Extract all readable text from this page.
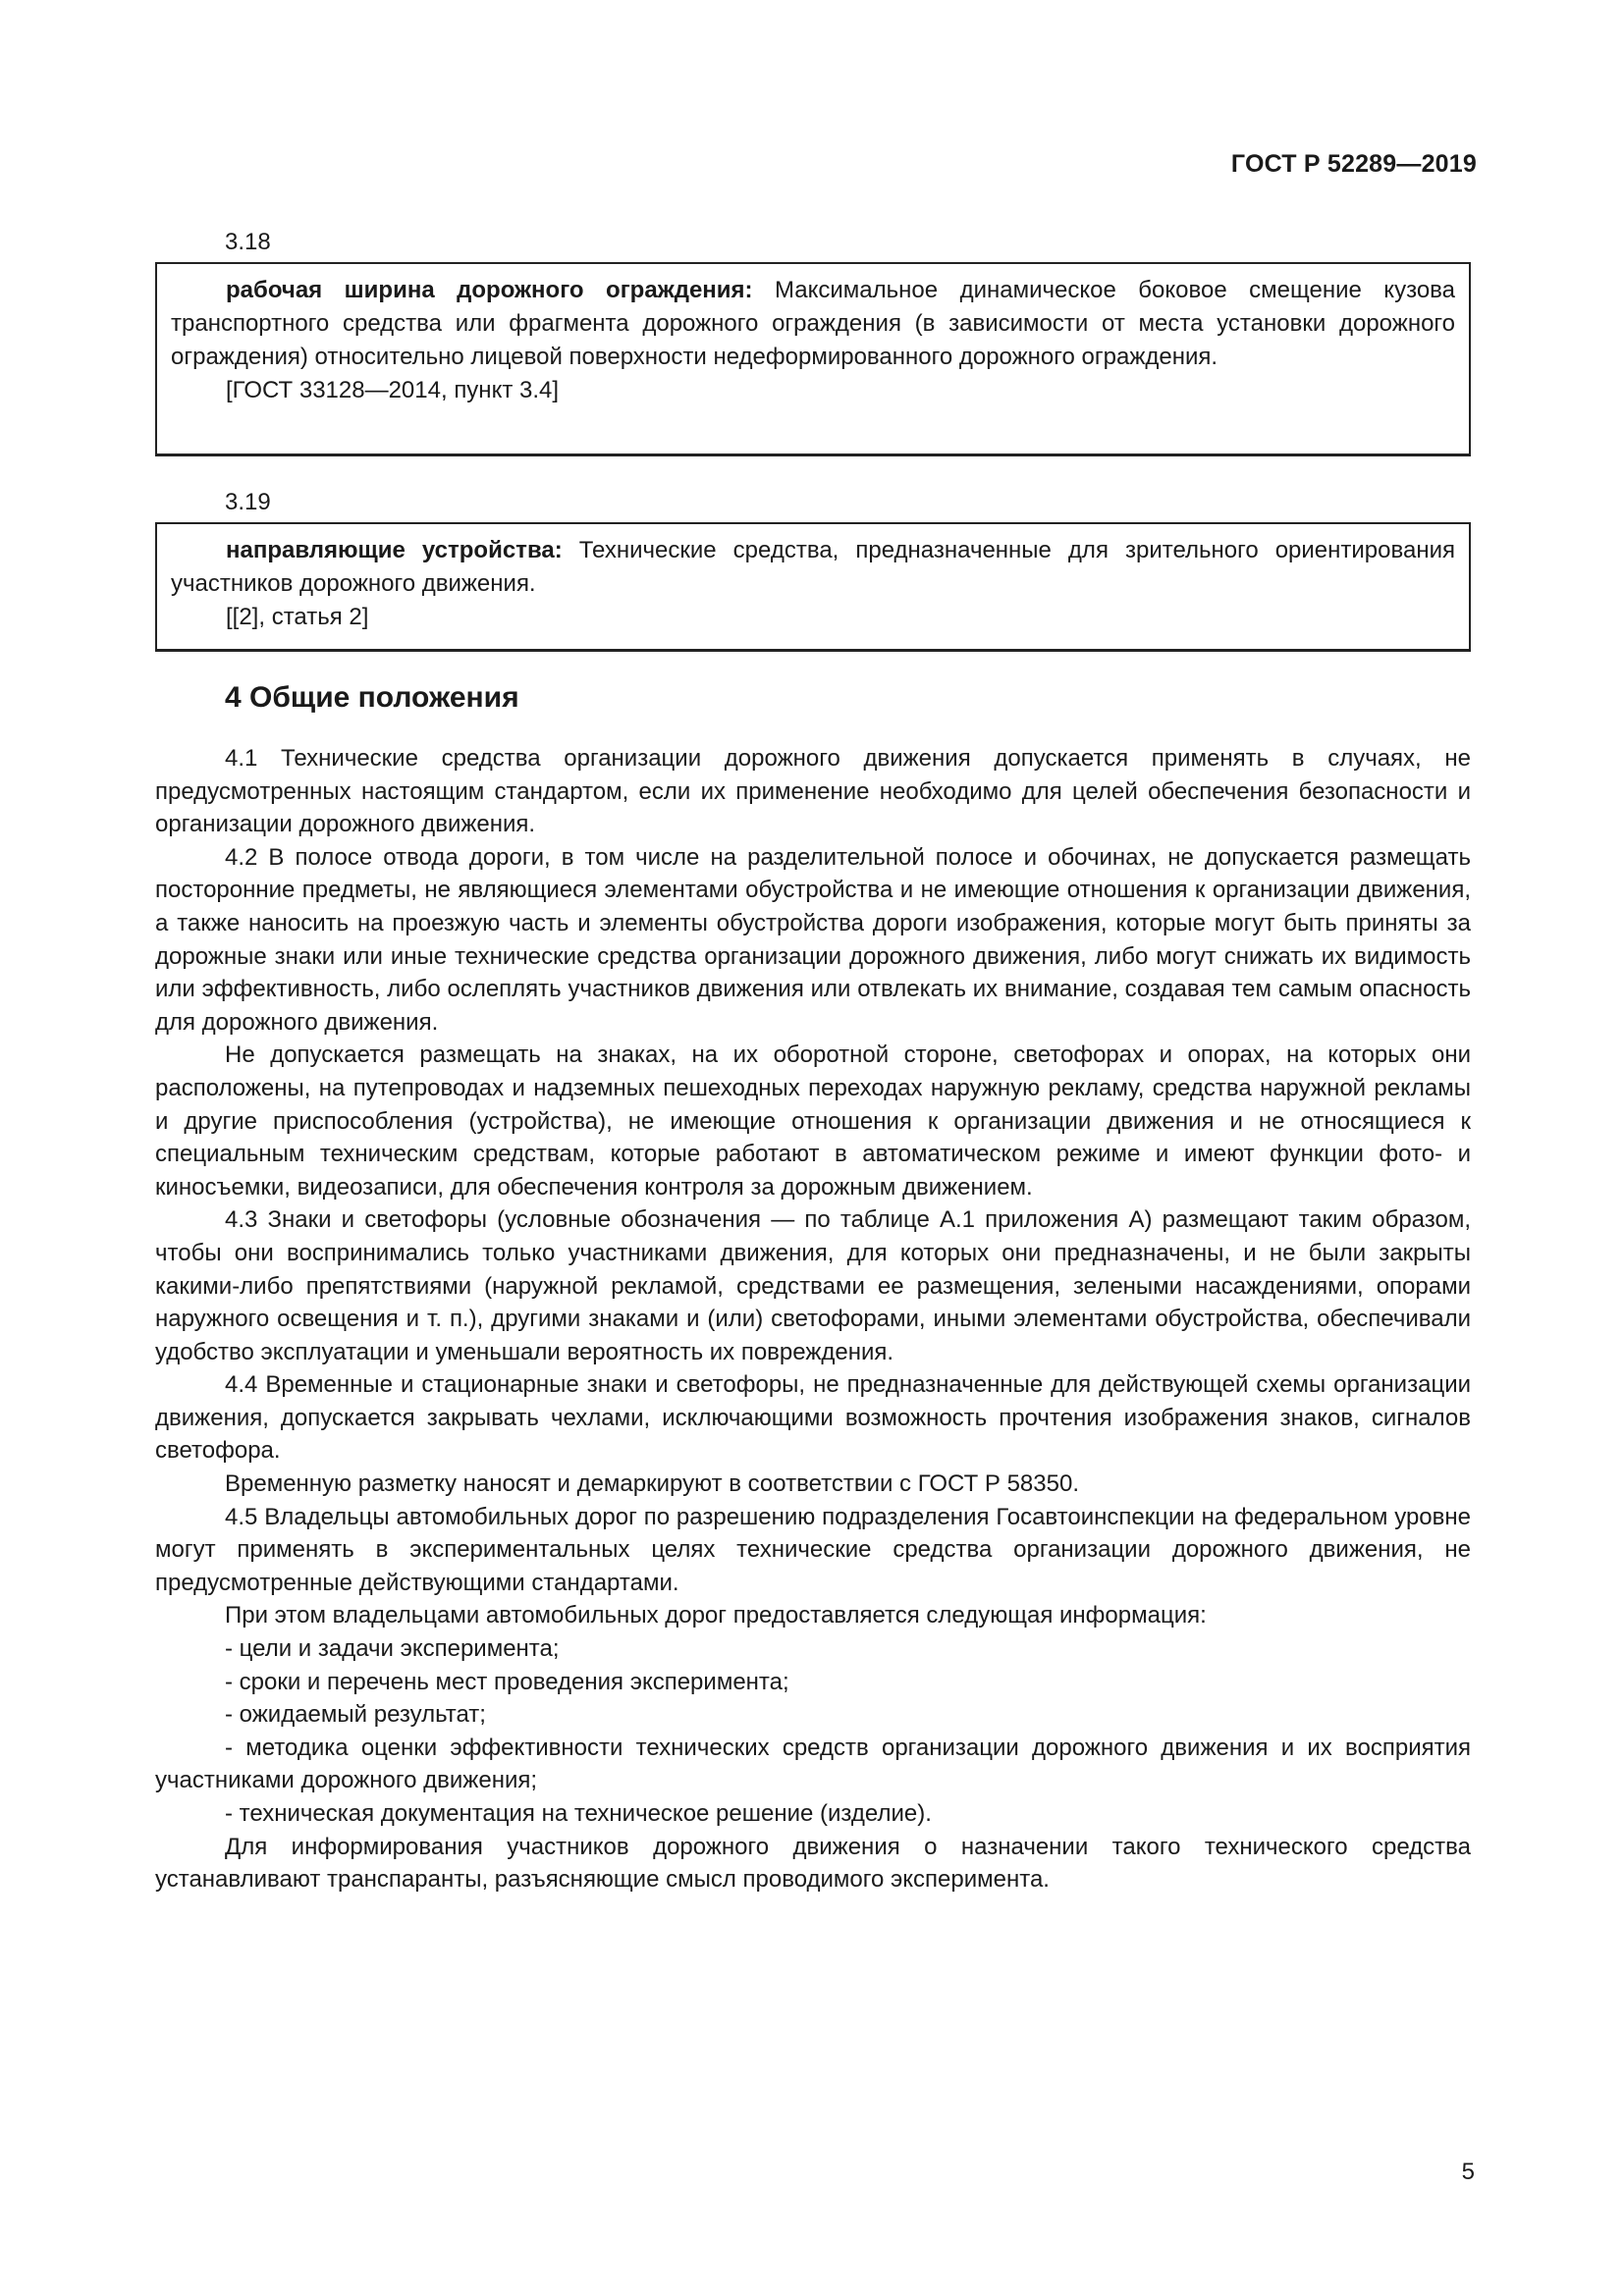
ГОСТ Р 52289—2019
3.18

рабочая ширина дорожного ограждения: Максимальное динамическое боковое смещение кузова транспортного средства или фрагмента дорожного ограждения (в зависимости от места установки дорожного ограждения) относительно лицевой поверхности недеформированного дорожного ограждения.

[ГОСТ 33128—2014, пункт 3.4]

3.19

направляющие устройства: Технические средства, предназначенные для зрительного ориентирования участников дорожного движения.

[[2], статья 2]

4 Общие положения

4.1 Технические средства организации дорожного движения допускается применять в случаях, не предусмотренных настоящим стандартом, если их применение необходимо для целей обеспечения безопасности и организации дорожного движения.

4.2 В полосе отвода дороги, в том числе на разделительной полосе и обочинах, не допускается размещать посторонние предметы, не являющиеся элементами обустройства и не имеющие отношения к организации движения, а также наносить на проезжую часть и элементы обустройства дороги изображения, которые могут быть приняты за дорожные знаки или иные технические средства организации дорожного движения, либо могут снижать их видимость или эффективность, либо ослеплять участников движения или отвлекать их внимание, создавая тем самым опасность для дорожного движения.

Не допускается размещать на знаках, на их оборотной стороне, светофорах и опорах, на которых они расположены, на путепроводах и надземных пешеходных переходах наружную рекламу, средства наружной рекламы и другие приспособления (устройства), не имеющие отношения к организации движения и не относящиеся к специальным техническим средствам, которые работают в автоматическом режиме и имеют функции фото- и киносъемки, видеозаписи, для обеспечения контроля за дорожным движением.

4.3 Знаки и светофоры (условные обозначения — по таблице А.1 приложения А) размещают таким образом, чтобы они воспринимались только участниками движения, для которых они предназначены, и не были закрыты какими-либо препятствиями (наружной рекламой, средствами ее размещения, зелеными насаждениями, опорами наружного освещения и т. п.), другими знаками и (или) светофорами, иными элементами обустройства, обеспечивали удобство эксплуатации и уменьшали вероятность их повреждения.

4.4 Временные и стационарные знаки и светофоры, не предназначенные для действующей схемы организации движения, допускается закрывать чехлами, исключающими возможность прочтения изображения знаков, сигналов светофора.

Временную разметку наносят и демаркируют в соответствии с ГОСТ Р 58350.

4.5 Владельцы автомобильных дорог по разрешению подразделения Госавтоинспекции на федеральном уровне могут применять в экспериментальных целях технические средства организации дорожного движения, не предусмотренные действующими стандартами.

При этом владельцами автомобильных дорог предоставляется следующая информация:

- цели и задачи эксперимента;

- сроки и перечень мест проведения эксперимента;

- ожидаемый результат;

- методика оценки эффективности технических средств организации дорожного движения и их восприятия участниками дорожного движения;

- техническая документация на техническое решение (изделие).

Для информирования участников дорожного движения о назначении такого технического средства устанавливают транспаранты, разъясняющие смысл проводимого эксперимента.

5
